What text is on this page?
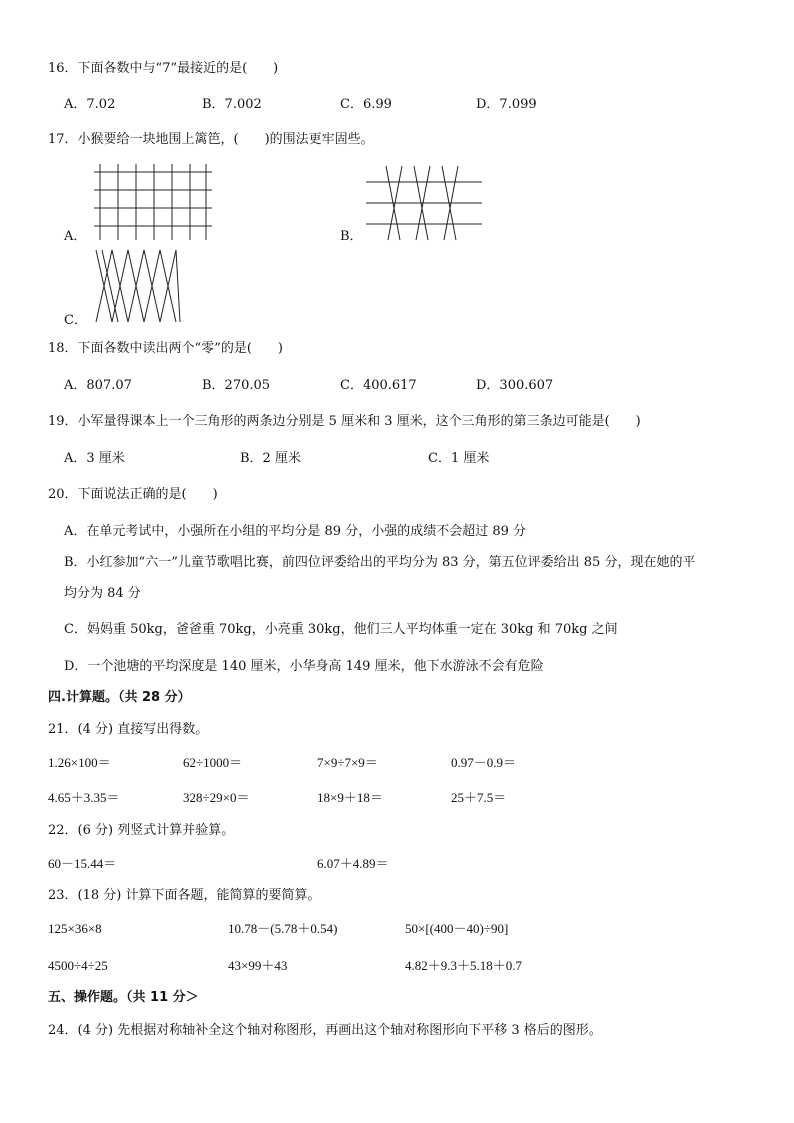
16．下面各数中与“7”最接近的是(　　)
A．7.02	B．7.002	C．6.99	D．7.099
17．小猴要给一块地围上篱笆，(　　)的围法更牢固些。
A．	B．
C．
18．下面各数中读出两个“零”的是(　　)
A．807.07	B．270.05	C．400.617	D．300.607
19．小军量得课本上一个三角形的两条边分别是 5 厘米和 3 厘米，这个三角形的第三条边可能是(　　)
A．3 厘米	B．2 厘米	C．1 厘米
20．下面说法正确的是(　　)
A．在单元考试中，小强所在小组的平均分是 89 分，小强的成绩不会超过 89 分
B．小红参加“六一”儿童节歌唱比赛，前四位评委给出的平均分为 83 分，第五位评委给出 85 分，现在她的平
均分为 84 分
C．妈妈重 50kg，爸爸重 70kg，小亮重 30kg，他们三人平均体重一定在 30kg 和 70kg 之间
D．一个池塘的平均深度是 140 厘米，小华身高 149 厘米，他下水游泳不会有危险
四.计算题。（共 28 分）
21．(4 分) 直接写出得数。
1.26×100＝	62÷1000＝	7×9÷7×9＝	0.97－0.9＝
4.65＋3.35＝	328÷29×0＝	18×9＋18＝	25＋7.5＝
22．(6 分) 列竖式计算并验算。
60－15.44＝	6.07＋4.89＝
23．(18 分) 计算下面各题，能简算的要简算。
125×36×8	10.78－(5.78＋0.54)	50×[(400－40)÷90]
4500÷4÷25	43×99＋43	4.82＋9.3＋5.18＋0.7
五、操作题。（共 11 分＞
24．(4 分) 先根据对称轴补全这个轴对称图形，再画出这个轴对称图形向下平移 3 格后的图形。
